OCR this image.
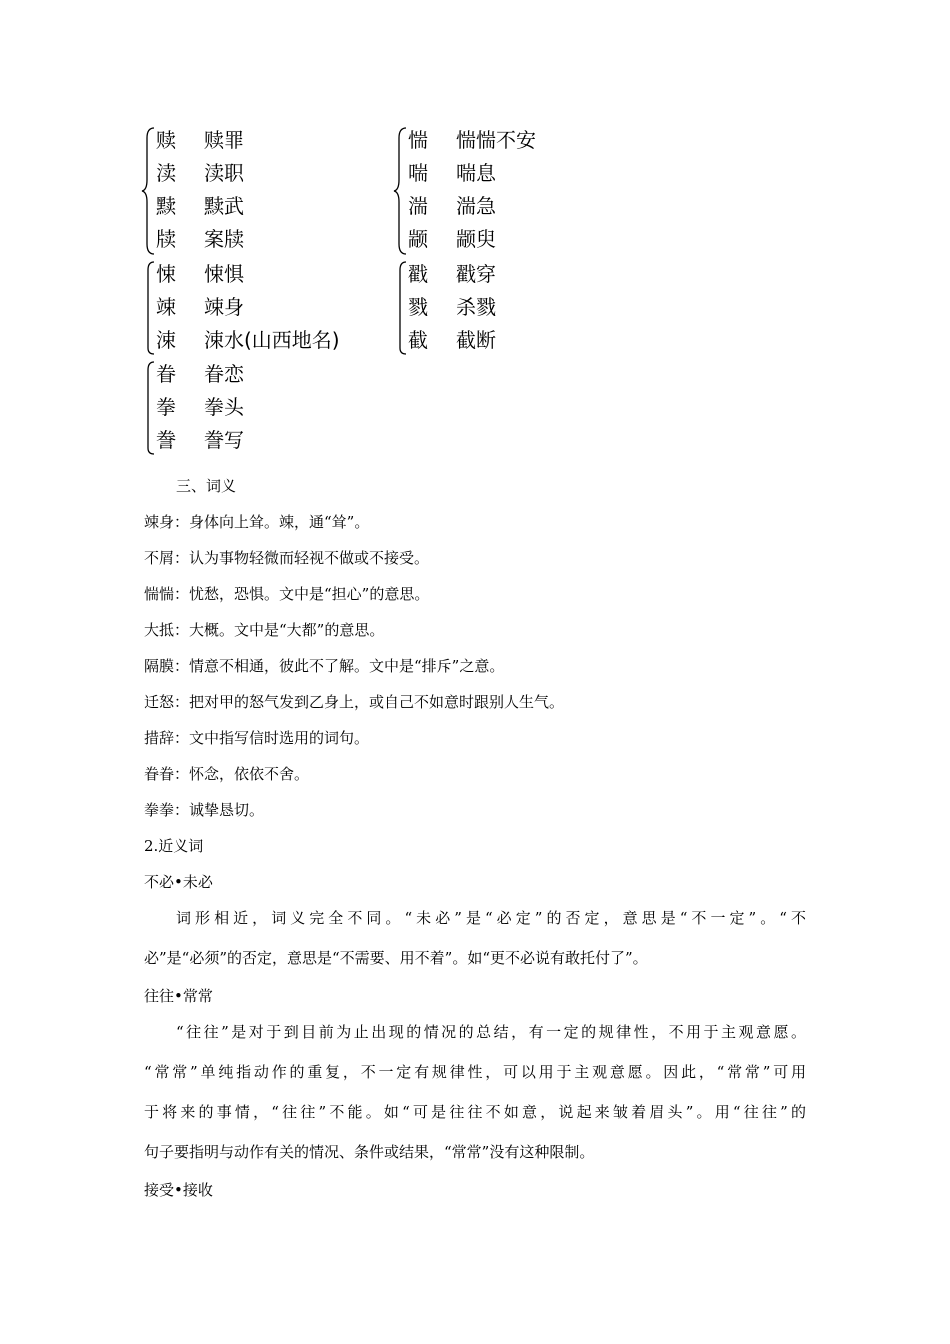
赎 赎罪
渎 渎职
黩 黩武
牍 案牍
悚 悚惧
竦 竦身
涑 涑水(山西地名)
眷 眷恋
拳 拳头
誊 誊写
惴 惴惴不安
喘 喘息
湍 湍急
颛 颛臾
戳 戳穿
戮 杀戮
截 截断
三、词义
竦身：身体向上耸。竦，通“耸”。
不屑：认为事物轻微而轻视不做或不接受。
惴惴：忧愁，恐惧。文中是“担心”的意思。
大抵：大概。文中是“大都”的意思。
隔膜：情意不相通，彼此不了解。文中是“排斥”之意。
迁怒：把对甲的怒气发到乙身上，或自己不如意时跟别人生气。
措辞：文中指写信时选用的词句。
眷眷：怀念，依依不舍。
拳拳：诚挚恳切。
2.近义词
不必•未必
词形相近，词义完全不同。“未必”是“必定”的否定，意思是“不一定”。“不
必”是“必须”的否定，意思是“不需要、用不着”。如“更不必说有敢托付了”。
往往•常常
“往往”是对于到目前为止出现的情况的总结，有一定的规律性，不用于主观意愿。
“常常”单纯指动作的重复，不一定有规律性，可以用于主观意愿。因此，“常常”可用
于将来的事情，“往往”不能。如“可是往往不如意，说起来皱着眉头”。用“往往”的
句子要指明与动作有关的情况、条件或结果，“常常”没有这种限制。
接受•接收
